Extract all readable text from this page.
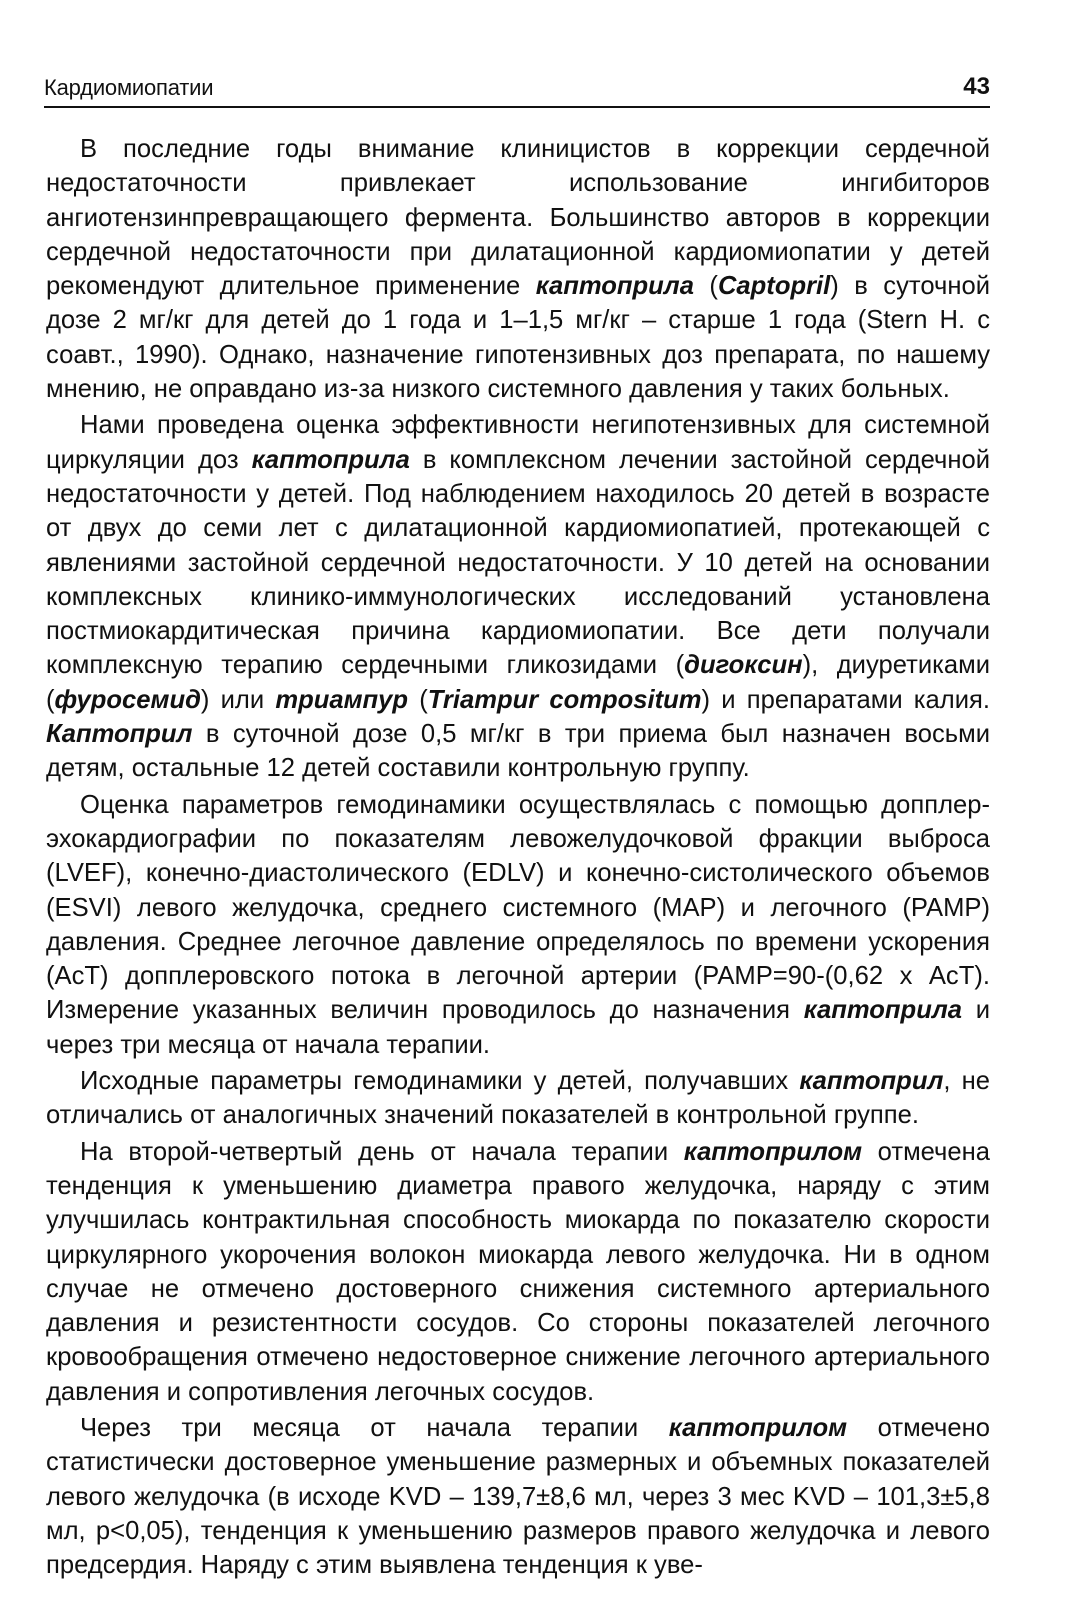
Кардиомиопатии	43

В последние годы внимание клиницистов в коррекции сердечной недостаточности привлекает использование ингибиторов ангиотензинпревращающего фермента. Большинство авторов в коррекции сердечной недостаточности при дилатационной кардиомиопатии у детей рекомендуют длительное применение каптоприла (Captopril) в суточной дозе 2 мг/кг для детей до 1 года и 1–1,5 мг/кг – старше 1 года (Stern H. с соавт., 1990). Однако, назначение гипотензивных доз препарата, по нашему мнению, не оправдано из-за низкого системного давления у таких больных.

Нами проведена оценка эффективности негипотензивных для системной циркуляции доз каптоприла в комплексном лечении застойной сердечной недостаточности у детей. Под наблюдением находилось 20 детей в возрасте от двух до семи лет с дилатационной кардиомиопатией, протекающей с явлениями застойной сердечной недостаточности. У 10 детей на основании комплексных клинико-иммунологических исследований установлена постмиокардитическая причина кардиомиопатии. Все дети получали комплексную терапию сердечными гликозидами (дигоксин), диуретиками (фуросемид) или триампур (Triampur compositum) и препаратами калия. Каптоприл в суточной дозе 0,5 мг/кг в три приема был назначен восьми детям, остальные 12 детей составили контрольную группу.

Оценка параметров гемодинамики осуществлялась с помощью допплер-эхокардиографии по показателям левожелудочковой фракции выброса (LVEF), конечно-диастолического (EDLV) и конечно-систолического объемов (ESVI) левого желудочка, среднего системного (MAP) и легочного (PAMP) давления. Среднее легочное давление определялось по времени ускорения (AcT) допплеровского потока в легочной артерии (PAMP=90-(0,62 х AcT). Измерение указанных величин проводилось до назначения каптоприла и через три месяца от начала терапии.

Исходные параметры гемодинамики у детей, получавших каптоприл, не отличались от аналогичных значений показателей в контрольной группе.

На второй-четвертый день от начала терапии каптоприлом отмечена тенденция к уменьшению диаметра правого желудочка, наряду с этим улучшилась контрактильная способность миокарда по показателю скорости циркулярного укорочения волокон миокарда левого желудочка. Ни в одном случае не отмечено достоверного снижения системного артериального давления и резистентности сосудов. Со стороны показателей легочного кровообращения отмечено недостоверное снижение легочного артериального давления и сопротивления легочных сосудов.

Через три месяца от начала терапии каптоприлом отмечено статистически достоверное уменьшение размерных и объемных показателей левого желудочка (в исходе KVD – 139,7±8,6 мл, через 3 мес KVD – 101,3±5,8 мл, p<0,05), тенденция к уменьшению размеров правого желудочка и левого предсердия. Наряду с этим выявлена тенденция к уве-
